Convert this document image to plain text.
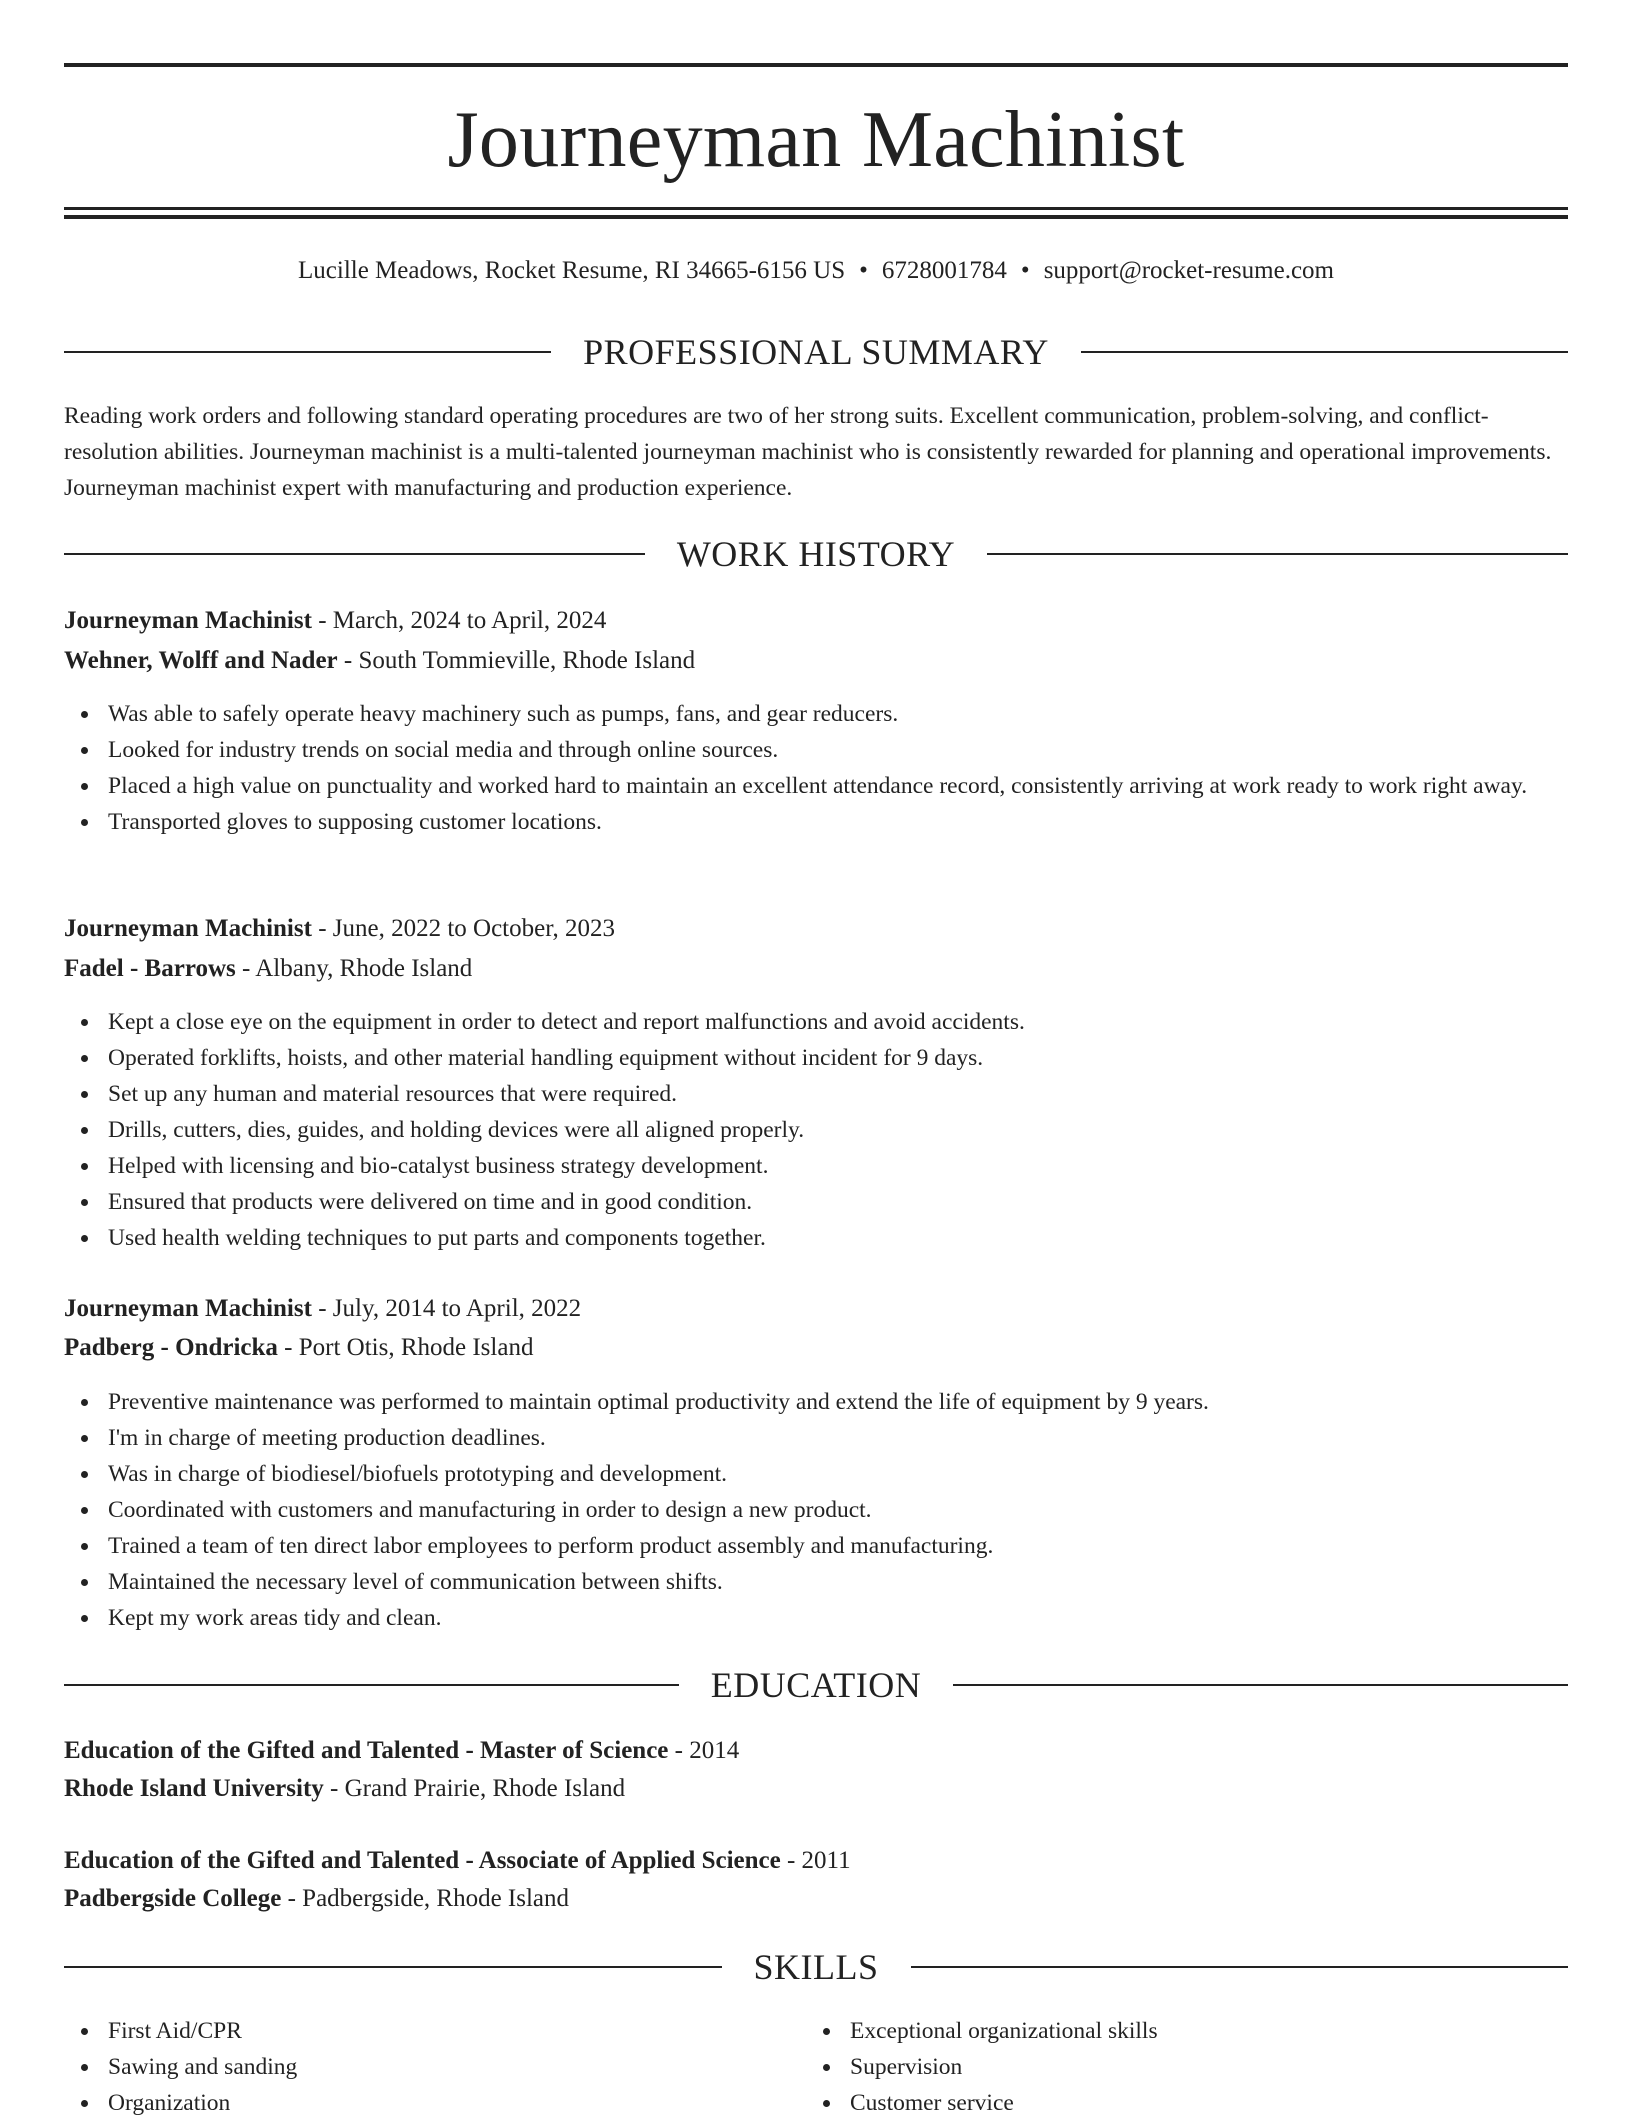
Journeyman Machinist
Lucille Meadows, Rocket Resume, RI 34665-6156 US • 6728001784 • support@rocket-resume.com
PROFESSIONAL SUMMARY
Reading work orders and following standard operating procedures are two of her strong suits. Excellent communication, problem-solving, and conflict-resolution abilities. Journeyman machinist is a multi-talented journeyman machinist who is consistently rewarded for planning and operational improvements. Journeyman machinist expert with manufacturing and production experience.
WORK HISTORY
Journeyman Machinist - March, 2024 to April, 2024
Wehner, Wolff and Nader - South Tommieville, Rhode Island
Was able to safely operate heavy machinery such as pumps, fans, and gear reducers.
Looked for industry trends on social media and through online sources.
Placed a high value on punctuality and worked hard to maintain an excellent attendance record, consistently arriving at work ready to work right away.
Transported gloves to supposing customer locations.
Journeyman Machinist - June, 2022 to October, 2023
Fadel - Barrows - Albany, Rhode Island
Kept a close eye on the equipment in order to detect and report malfunctions and avoid accidents.
Operated forklifts, hoists, and other material handling equipment without incident for 9 days.
Set up any human and material resources that were required.
Drills, cutters, dies, guides, and holding devices were all aligned properly.
Helped with licensing and bio-catalyst business strategy development.
Ensured that products were delivered on time and in good condition.
Used health welding techniques to put parts and components together.
Journeyman Machinist - July, 2014 to April, 2022
Padberg - Ondricka - Port Otis, Rhode Island
Preventive maintenance was performed to maintain optimal productivity and extend the life of equipment by 9 years.
I'm in charge of meeting production deadlines.
Was in charge of biodiesel/biofuels prototyping and development.
Coordinated with customers and manufacturing in order to design a new product.
Trained a team of ten direct labor employees to perform product assembly and manufacturing.
Maintained the necessary level of communication between shifts.
Kept my work areas tidy and clean.
EDUCATION
Education of the Gifted and Talented - Master of Science - 2014
Rhode Island University - Grand Prairie, Rhode Island
Education of the Gifted and Talented - Associate of Applied Science - 2011
Padbergside College - Padbergside, Rhode Island
SKILLS
First Aid/CPR
Sawing and sanding
Organization
Exceptional organizational skills
Supervision
Customer service
